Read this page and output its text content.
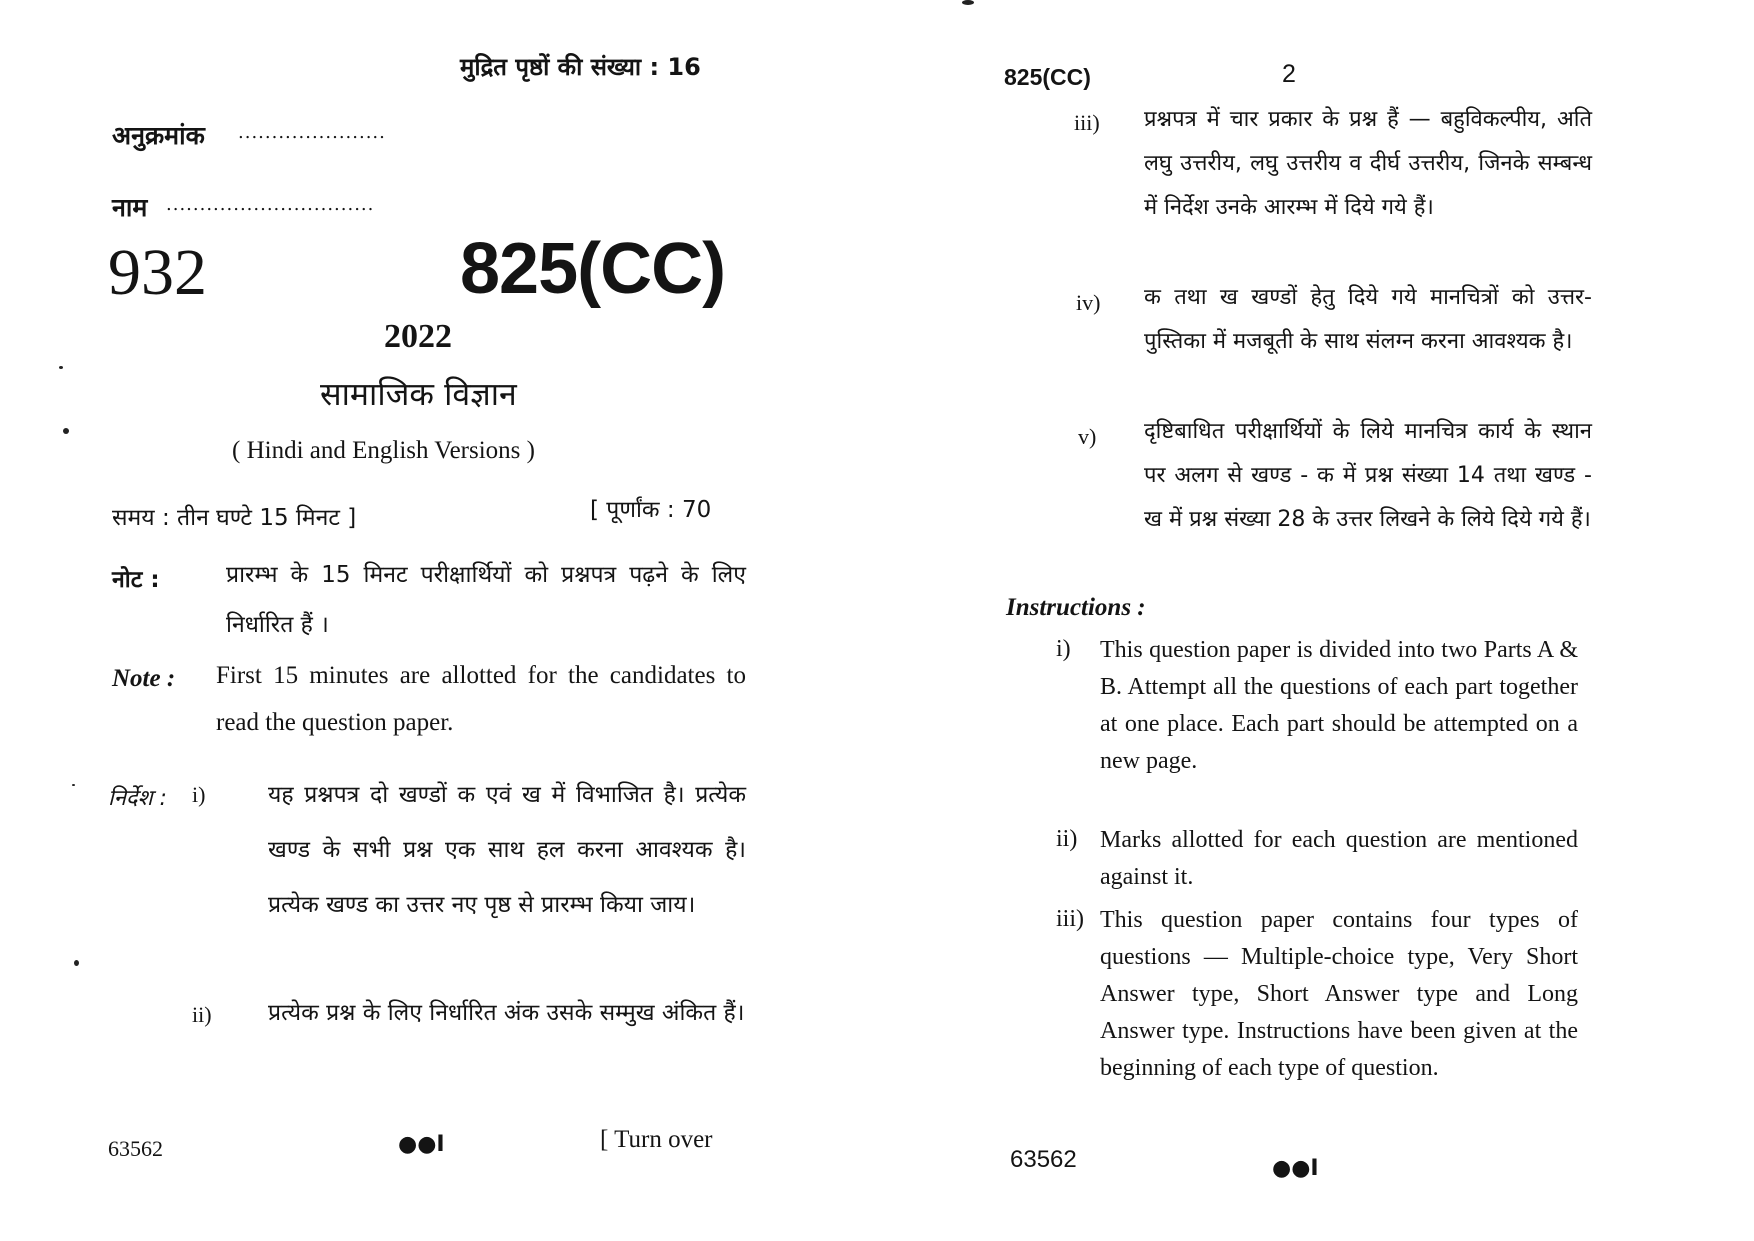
मुद्रित पृष्ठों की संख्या : 16
अनुक्रमांक ......................
नाम ...............................
932	825(CC)
2022
सामाजिक विज्ञान
( Hindi and English Versions )
समय : तीन घण्टे 15 मिनट ]	[ पूर्णांक : 70
नोट :	प्रारम्भ के 15 मिनट परीक्षार्थियों को प्रश्नपत्र पढ़ने के लिए निर्धारित हैं ।
Note : First 15 minutes are allotted for the candidates to read the question paper.
निर्देश : i)	यह प्रश्नपत्र दो खण्डों क एवं ख में विभाजित है। प्रत्येक खण्ड के सभी प्रश्न एक साथ हल करना आवश्यक है। प्रत्येक खण्ड का उत्तर नए पृष्ठ से प्रारम्भ किया जाय।
ii) प्रत्येक प्रश्न के लिए निर्धारित अंक उसके सम्मुख अंकित हैं।
63562	●●I	[ Turn over
825(CC)	2
iii) प्रश्नपत्र में चार प्रकार के प्रश्न हैं — बहुविकल्पीय, अति लघु उत्तरीय, लघु उत्तरीय व दीर्घ उत्तरीय, जिनके सम्बन्ध में निर्देश उनके आरम्भ में दिये गये हैं।
iv) क तथा ख खण्डों हेतु दिये गये मानचित्रों को उत्तर-पुस्तिका में मजबूती के साथ संलग्न करना आवश्यक है।
v) दृष्टिबाधित परीक्षार्थियों के लिये मानचित्र कार्य के स्थान पर अलग से खण्ड - क में प्रश्न संख्या 14 तथा खण्ड - ख में प्रश्न संख्या 28 के उत्तर लिखने के लिये दिये गये हैं।
Instructions :
i) This question paper is divided into two Parts A & B. Attempt all the questions of each part together at one place. Each part should be attempted on a new page.
ii) Marks allotted for each question are mentioned against it.
iii) This question paper contains four types of questions — Multiple-choice type, Very Short Answer type, Short Answer type and Long Answer type. Instructions have been given at the beginning of each type of question.
63562	●●I
